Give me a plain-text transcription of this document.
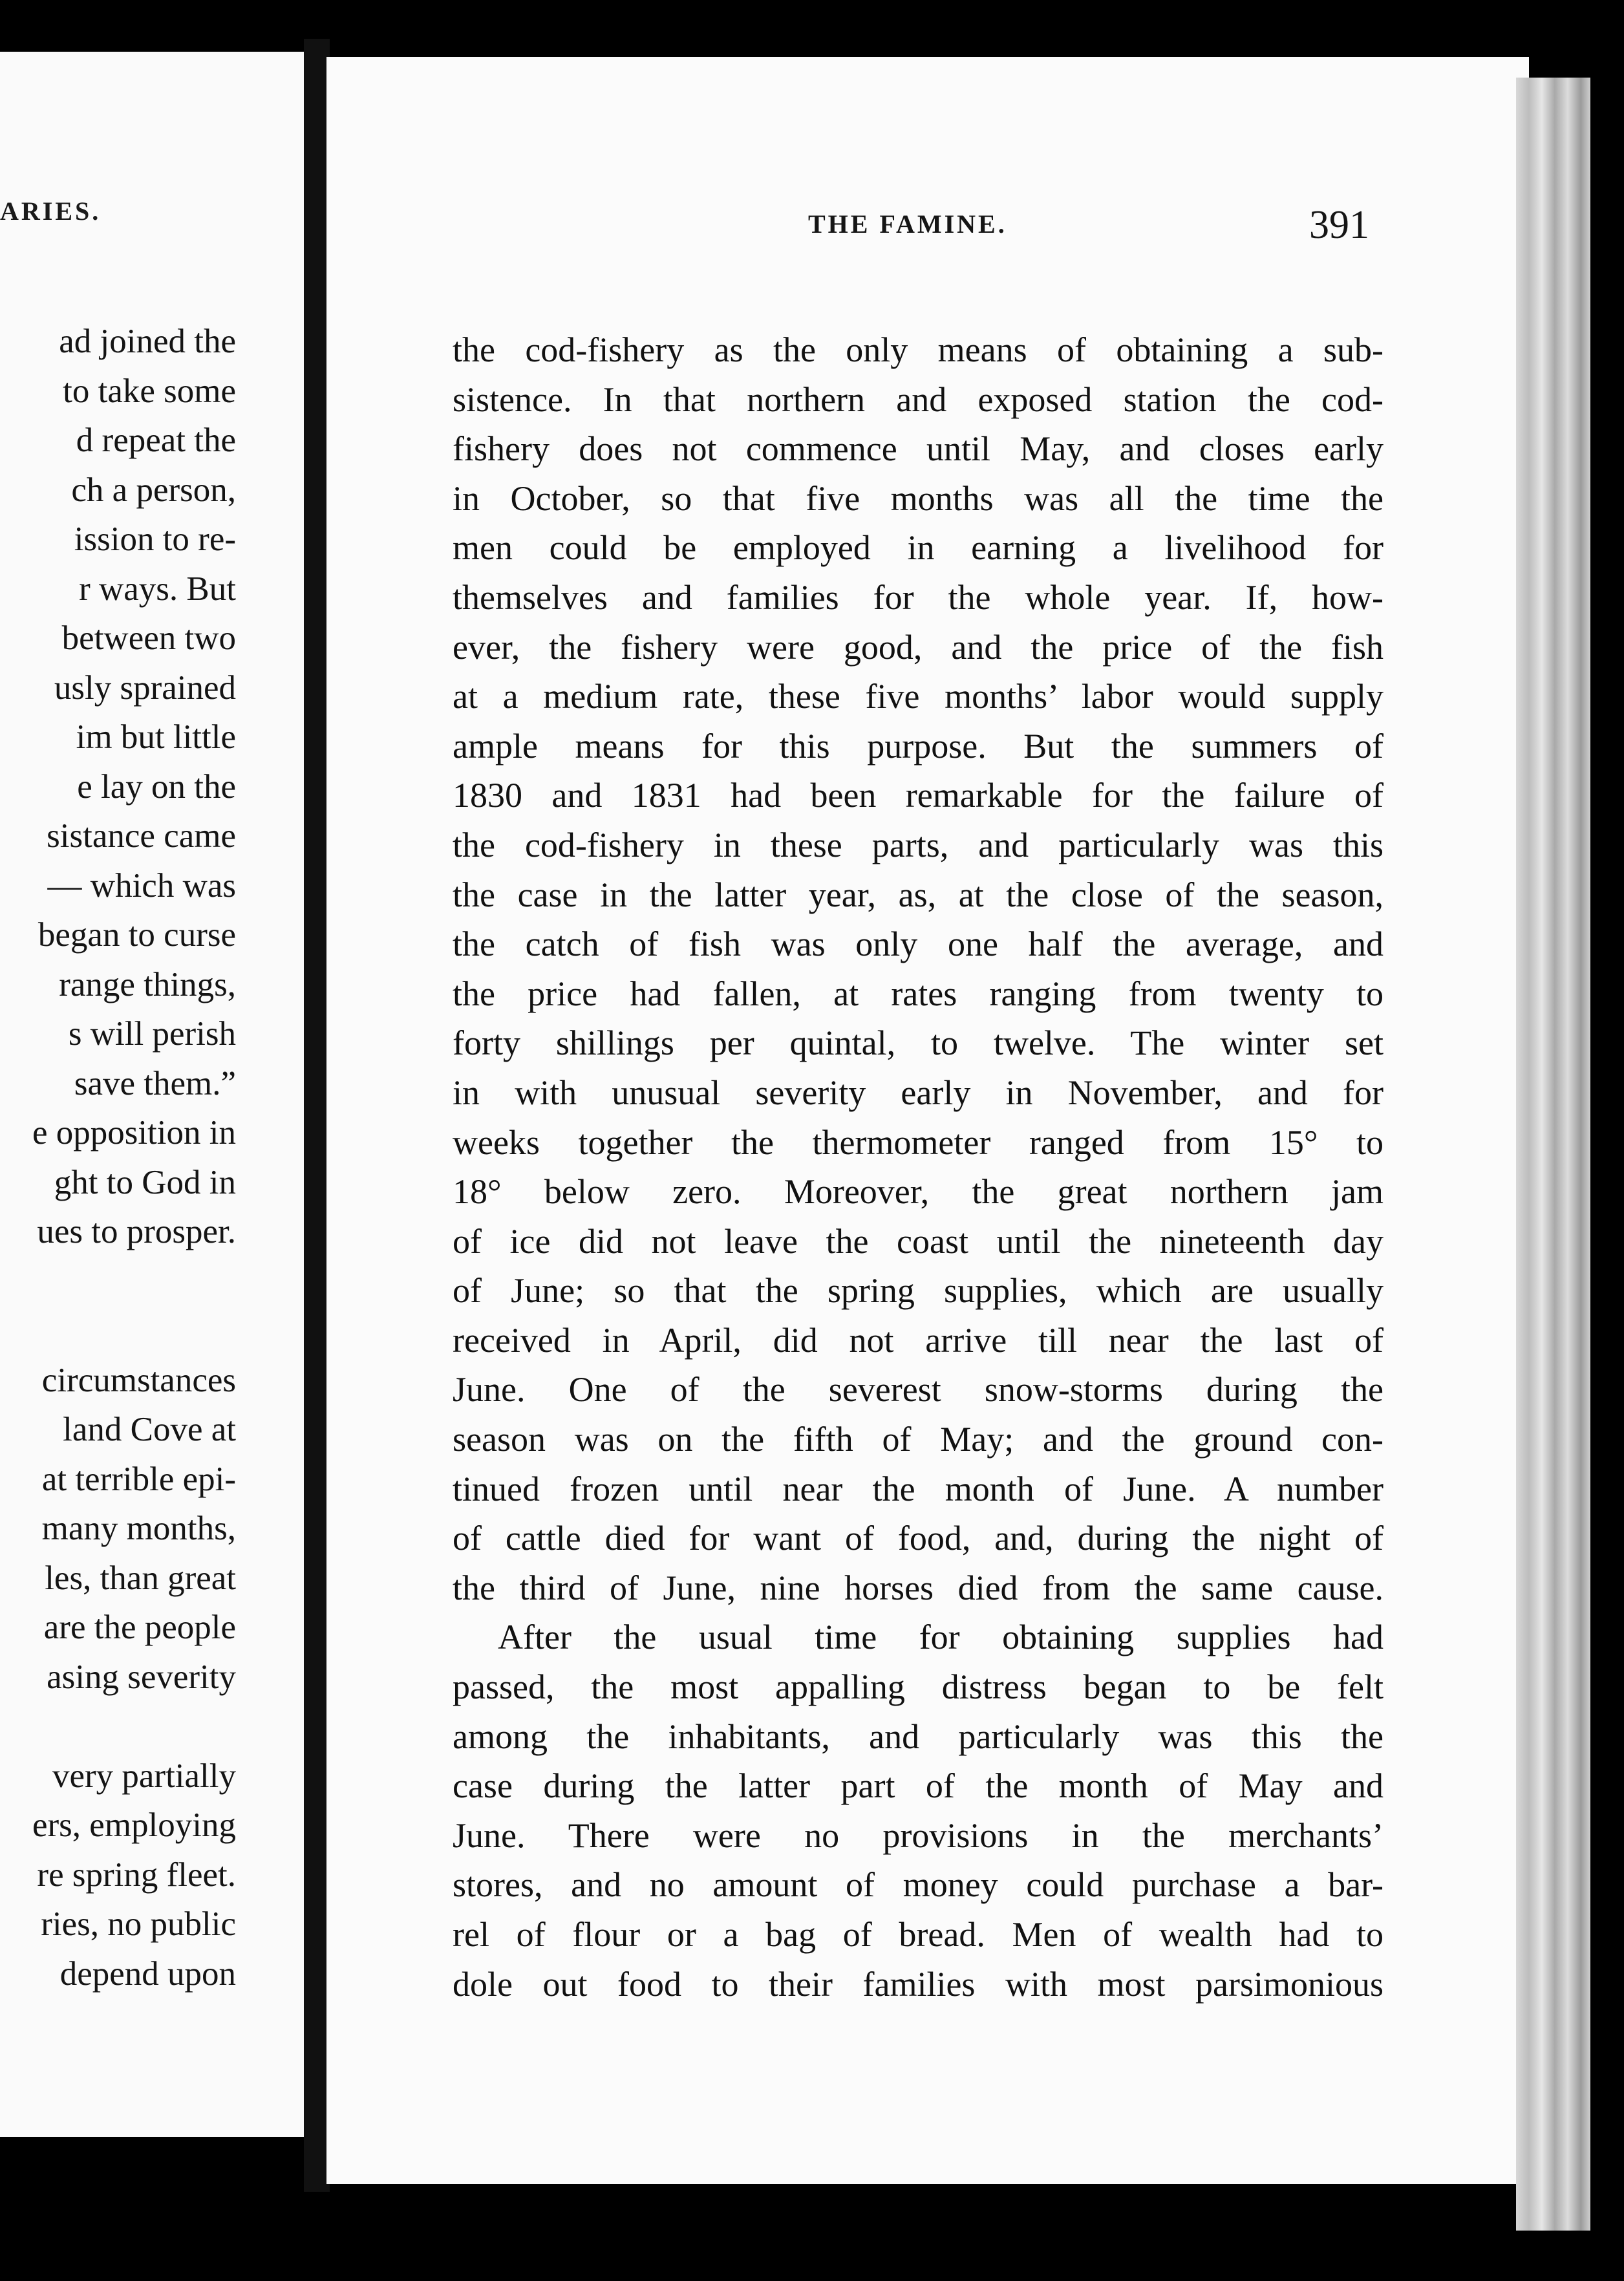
ARIES.
ad joined the
to take some
d repeat the
ch a person,
ission to re-
r ways. But
between two
usly sprained
im but little
e lay on the
sistance came
— which was
began to curse
range things,
s will perish
save them.”
e opposition in
ght to God in
ues to prosper.
circumstances
land Cove at
at terrible epi-
many months,
les, than great
are the people
asing severity
very partially
ers, employing
re spring fleet.
ries, no public
depend upon
THE FAMINE.	391
the cod-fishery as the only means of obtaining a sub-
sistence. In that northern and exposed station the cod-
fishery does not commence until May, and closes early
in October, so that five months was all the time the
men could be employed in earning a livelihood for
themselves and families for the whole year. If, how-
ever, the fishery were good, and the price of the fish
at a medium rate, these five months’ labor would supply
ample means for this purpose. But the summers of
1830 and 1831 had been remarkable for the failure of
the cod-fishery in these parts, and particularly was this
the case in the latter year, as, at the close of the season,
the catch of fish was only one half the average, and
the price had fallen, at rates ranging from twenty to
forty shillings per quintal, to twelve. The winter set
in with unusual severity early in November, and for
weeks together the thermometer ranged from 15° to
18° below zero. Moreover, the great northern jam
of ice did not leave the coast until the nineteenth day
of June; so that the spring supplies, which are usually
received in April, did not arrive till near the last of
June. One of the severest snow-storms during the
season was on the fifth of May; and the ground con-
tinued frozen until near the month of June. A number
of cattle died for want of food, and, during the night of
the third of June, nine horses died from the same cause.
After the usual time for obtaining supplies had
passed, the most appalling distress began to be felt
among the inhabitants, and particularly was this the
case during the latter part of the month of May and
June. There were no provisions in the merchants’
stores, and no amount of money could purchase a bar-
rel of flour or a bag of bread. Men of wealth had to
dole out food to their families with most parsimonious
